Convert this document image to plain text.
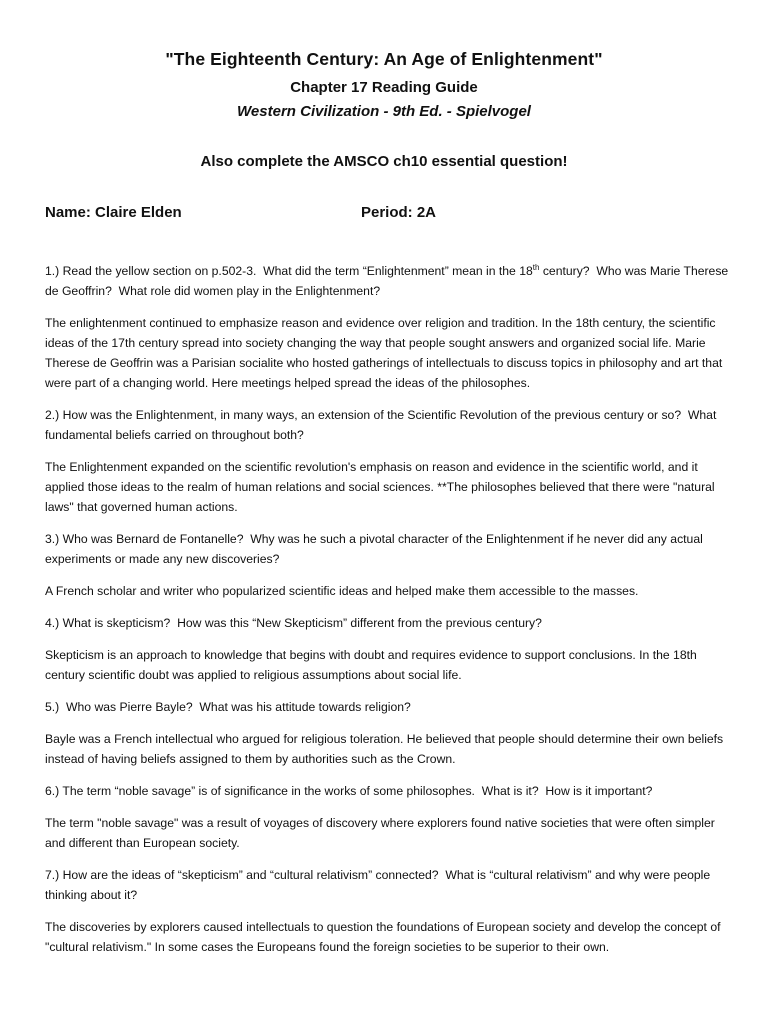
"The Eighteenth Century: An Age of Enlightenment"
Chapter 17 Reading Guide
Western Civilization - 9th Ed. - Spielvogel
Also complete the AMSCO ch10 essential question!
Name: Claire Elden	Period: 2A

1.) Read the yellow section on p.502-3.  What did the term “Enlightenment” mean in the 18th century?  Who was Marie Therese de Geoffrin?  What role did women play in the Enlightenment?

The enlightenment continued to emphasize reason and evidence over religion and tradition. In the 18th century, the scientific ideas of the 17th century spread into society changing the way that people sought answers and organized social life. Marie Therese de Geoffrin was a Parisian socialite who hosted gatherings of intellectuals to discuss topics in philosophy and art that were part of a changing world. Here meetings helped spread the ideas of the philosophes.

2.) How was the Enlightenment, in many ways, an extension of the Scientific Revolution of the previous century or so?  What fundamental beliefs carried on throughout both?

The Enlightenment expanded on the scientific revolution's emphasis on reason and evidence in the scientific world, and it applied those ideas to the realm of human relations and social sciences. **The philosophes believed that there were "natural laws" that governed human actions.

3.) Who was Bernard de Fontanelle?  Why was he such a pivotal character of the Enlightenment if he never did any actual experiments or made any new discoveries?

A French scholar and writer who popularized scientific ideas and helped make them accessible to the masses.

4.) What is skepticism?  How was this “New Skepticism” different from the previous century?

Skepticism is an approach to knowledge that begins with doubt and requires evidence to support conclusions. In the 18th century scientific doubt was applied to religious assumptions about social life.

5.)  Who was Pierre Bayle?  What was his attitude towards religion?

Bayle was a French intellectual who argued for religious toleration. He believed that people should determine their own beliefs instead of having beliefs assigned to them by authorities such as the Crown.

6.) The term “noble savage” is of significance in the works of some philosophes.  What is it?  How is it important?

The term "noble savage" was a result of voyages of discovery where explorers found native societies that were often simpler and different than European society.

7.) How are the ideas of “skepticism” and “cultural relativism” connected?  What is “cultural relativism” and why were people thinking about it?

The discoveries by explorers caused intellectuals to question the foundations of European society and develop the concept of "cultural relativism." In some cases the Europeans found the foreign societies to be superior to their own.
